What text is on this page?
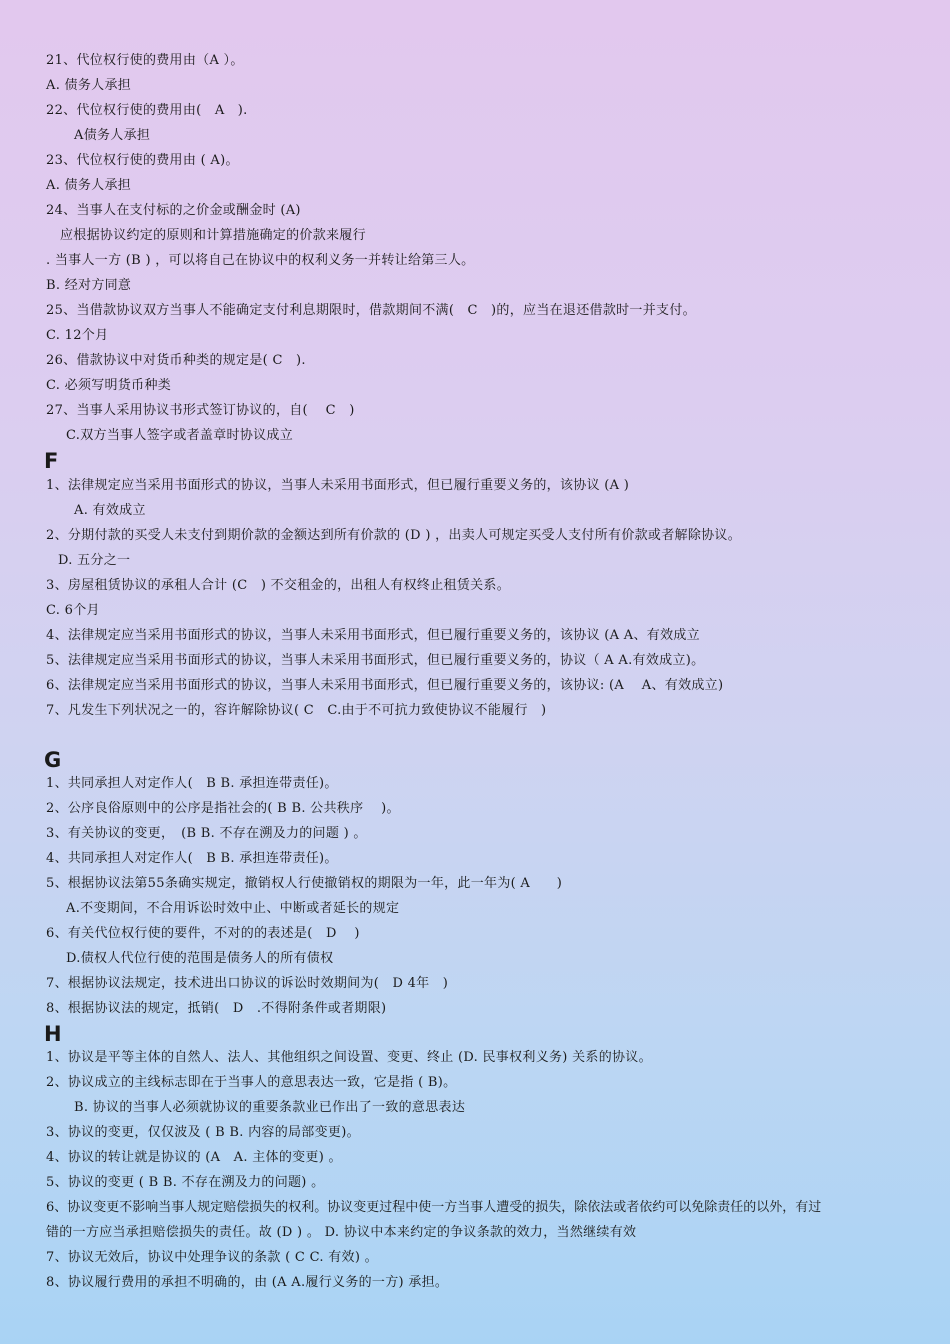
21、代位权行使的费用由（A ）。
A. 债务人承担
22、代位权行使的费用由(　A　).
A债务人承担
23、代位权行使的费用由 ( A)。
A. 债务人承担
24、当事人在支付标的之价金或酬金时 (A)
应根据协议约定的原则和计算措施确定的价款来履行
. 当事人一方 (B ) ，可以将自己在协议中的权利义务一并转让给第三人。
B. 经对方同意
25、当借款协议双方当事人不能确定支付利息期限时，借款期间不满(　C　)的，应当在退还借款时一并支付。
C. 12个月
26、借款协议中对货币种类的规定是( C　).
C. 必须写明货币种类
27、当事人采用协议书形式签订协议的，自(　 C　)
C.双方当事人签字或者盖章时协议成立
F
1、法律规定应当采用书面形式的协议，当事人未采用书面形式，但已履行重要义务的，该协议 (A )
A. 有效成立
2、分期付款的买受人未支付到期价款的金额达到所有价款的 (D ) ，出卖人可规定买受人支付所有价款或者解除协议。
D. 五分之一
3、房屋租赁协议的承租人合计 (C　) 不交租金的，出租人有权终止租赁关系。
C. 6个月
4、法律规定应当采用书面形式的协议，当事人未采用书面形式，但已履行重要义务的，该协议 (A A、有效成立
5、法律规定应当采用书面形式的协议，当事人未采用书面形式，但已履行重要义务的，协议（ A A.有效成立)。
6、法律规定应当采用书面形式的协议，当事人未采用书面形式，但已履行重要义务的，该协议: (A　 A、有效成立)
7、凡发生下列状况之一的，容许解除协议( C　C.由于不可抗力致使协议不能履行　)
G
1、共同承担人对定作人(　B B. 承担连带责任)。
2、公序良俗原则中的公序是指社会的( B B. 公共秩序　 )。
3、有关协议的变更，　(B B. 不存在溯及力的问题 ) 。
4、共同承担人对定作人(　B B. 承担连带责任)。
5、根据协议法第55条确实规定，撤销权人行使撤销权的期限为一年，此一年为( A　　)
A.不变期间，不合用诉讼时效中止、中断或者延长的规定
6、有关代位权行使的要件，不对的的表述是(　D　 )
D.债权人代位行使的范围是债务人的所有债权
7、根据协议法规定，技术进出口协议的诉讼时效期间为(　D 4年　)
8、根据协议法的规定，抵销(　D　.不得附条件或者期限)
H
1、协议是平等主体的自然人、法人、其他组织之间设置、变更、终止 (D. 民事权利义务) 关系的协议。
2、协议成立的主线标志即在于当事人的意思表达一致，它是指 ( B)。
B. 协议的当事人必须就协议的重要条款业已作出了一致的意思表达
3、协议的变更，仅仅波及 ( B B. 内容的局部变更)。
4、协议的转让就是协议的 (A　A. 主体的变更) 。
5、协议的变更 ( B B. 不存在溯及力的问题) 。
6、协议变更不影响当事人规定赔偿损失的权利。协议变更过程中使一方当事人遭受的损失，除依法或者依约可以免除责任的以外，有过
错的一方应当承担赔偿损失的责任。故 (D ) 。 D. 协议中本来约定的争议条款的效力，当然继续有效
7、协议无效后，协议中处理争议的条款 ( C C. 有效) 。
8、协议履行费用的承担不明确的，由 (A A.履行义务的一方) 承担。
